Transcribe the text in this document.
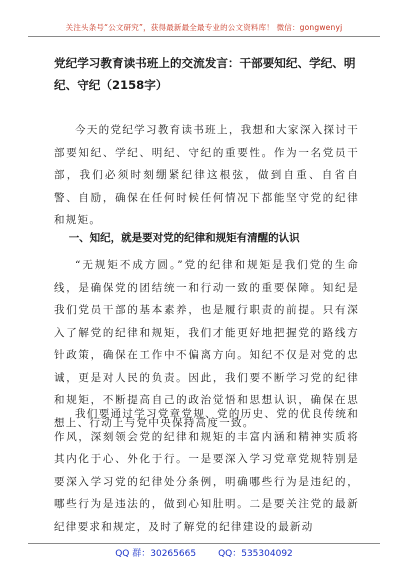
关注头条号“公文研究”，获得最新最全最专业的公文资料库！ 微信：gongwenyj
党纪学习教育读书班上的交流发言：干部要知纪、学纪、明纪、守纪（2158字）

今天的党纪学习教育读书班上，我想和大家深入探讨干部要知纪、学纪、明纪、守纪的重要性。作为一名党员干部，我们必须时刻绷紧纪律这根弦，做到自重、自省自警、自励，确保在任何时候任何情况下都能坚守党的纪律和规矩。

一、知纪，就是要对党的纪律和规矩有清醒的认识

“无规矩不成方圆。”党的纪律和规矩是我们党的生命线，是确保党的团结统一和行动一致的重要保障。知纪是我们党员干部的基本素养，也是履行职责的前提。只有深入了解党的纪律和规矩，我们才能更好地把握党的路线方针政策，确保在工作中不偏离方向。知纪不仅是对党的忠诚，更是对人民的负责。因此，我们要不断学习党的纪律和规矩，不断提高自己的政治觉悟和思想认识，确保在思想上、行动上与党中央保持高度一致。

我们要通过学习党章党规、党的历史、党的优良传统和作风，深刻领会党的纪律和规矩的丰富内涵和精神实质将其内化于心、外化于行。一是要深入学习党章党规特别是要深入学习党的纪律处分条例，明确哪些行为是违纪的，哪些行为是违法的，做到心知肚明。二是要关注党的最新纪律要求和规定，及时了解党的纪律建设的最新动

QQ 群：30265665 QQ：535304092
